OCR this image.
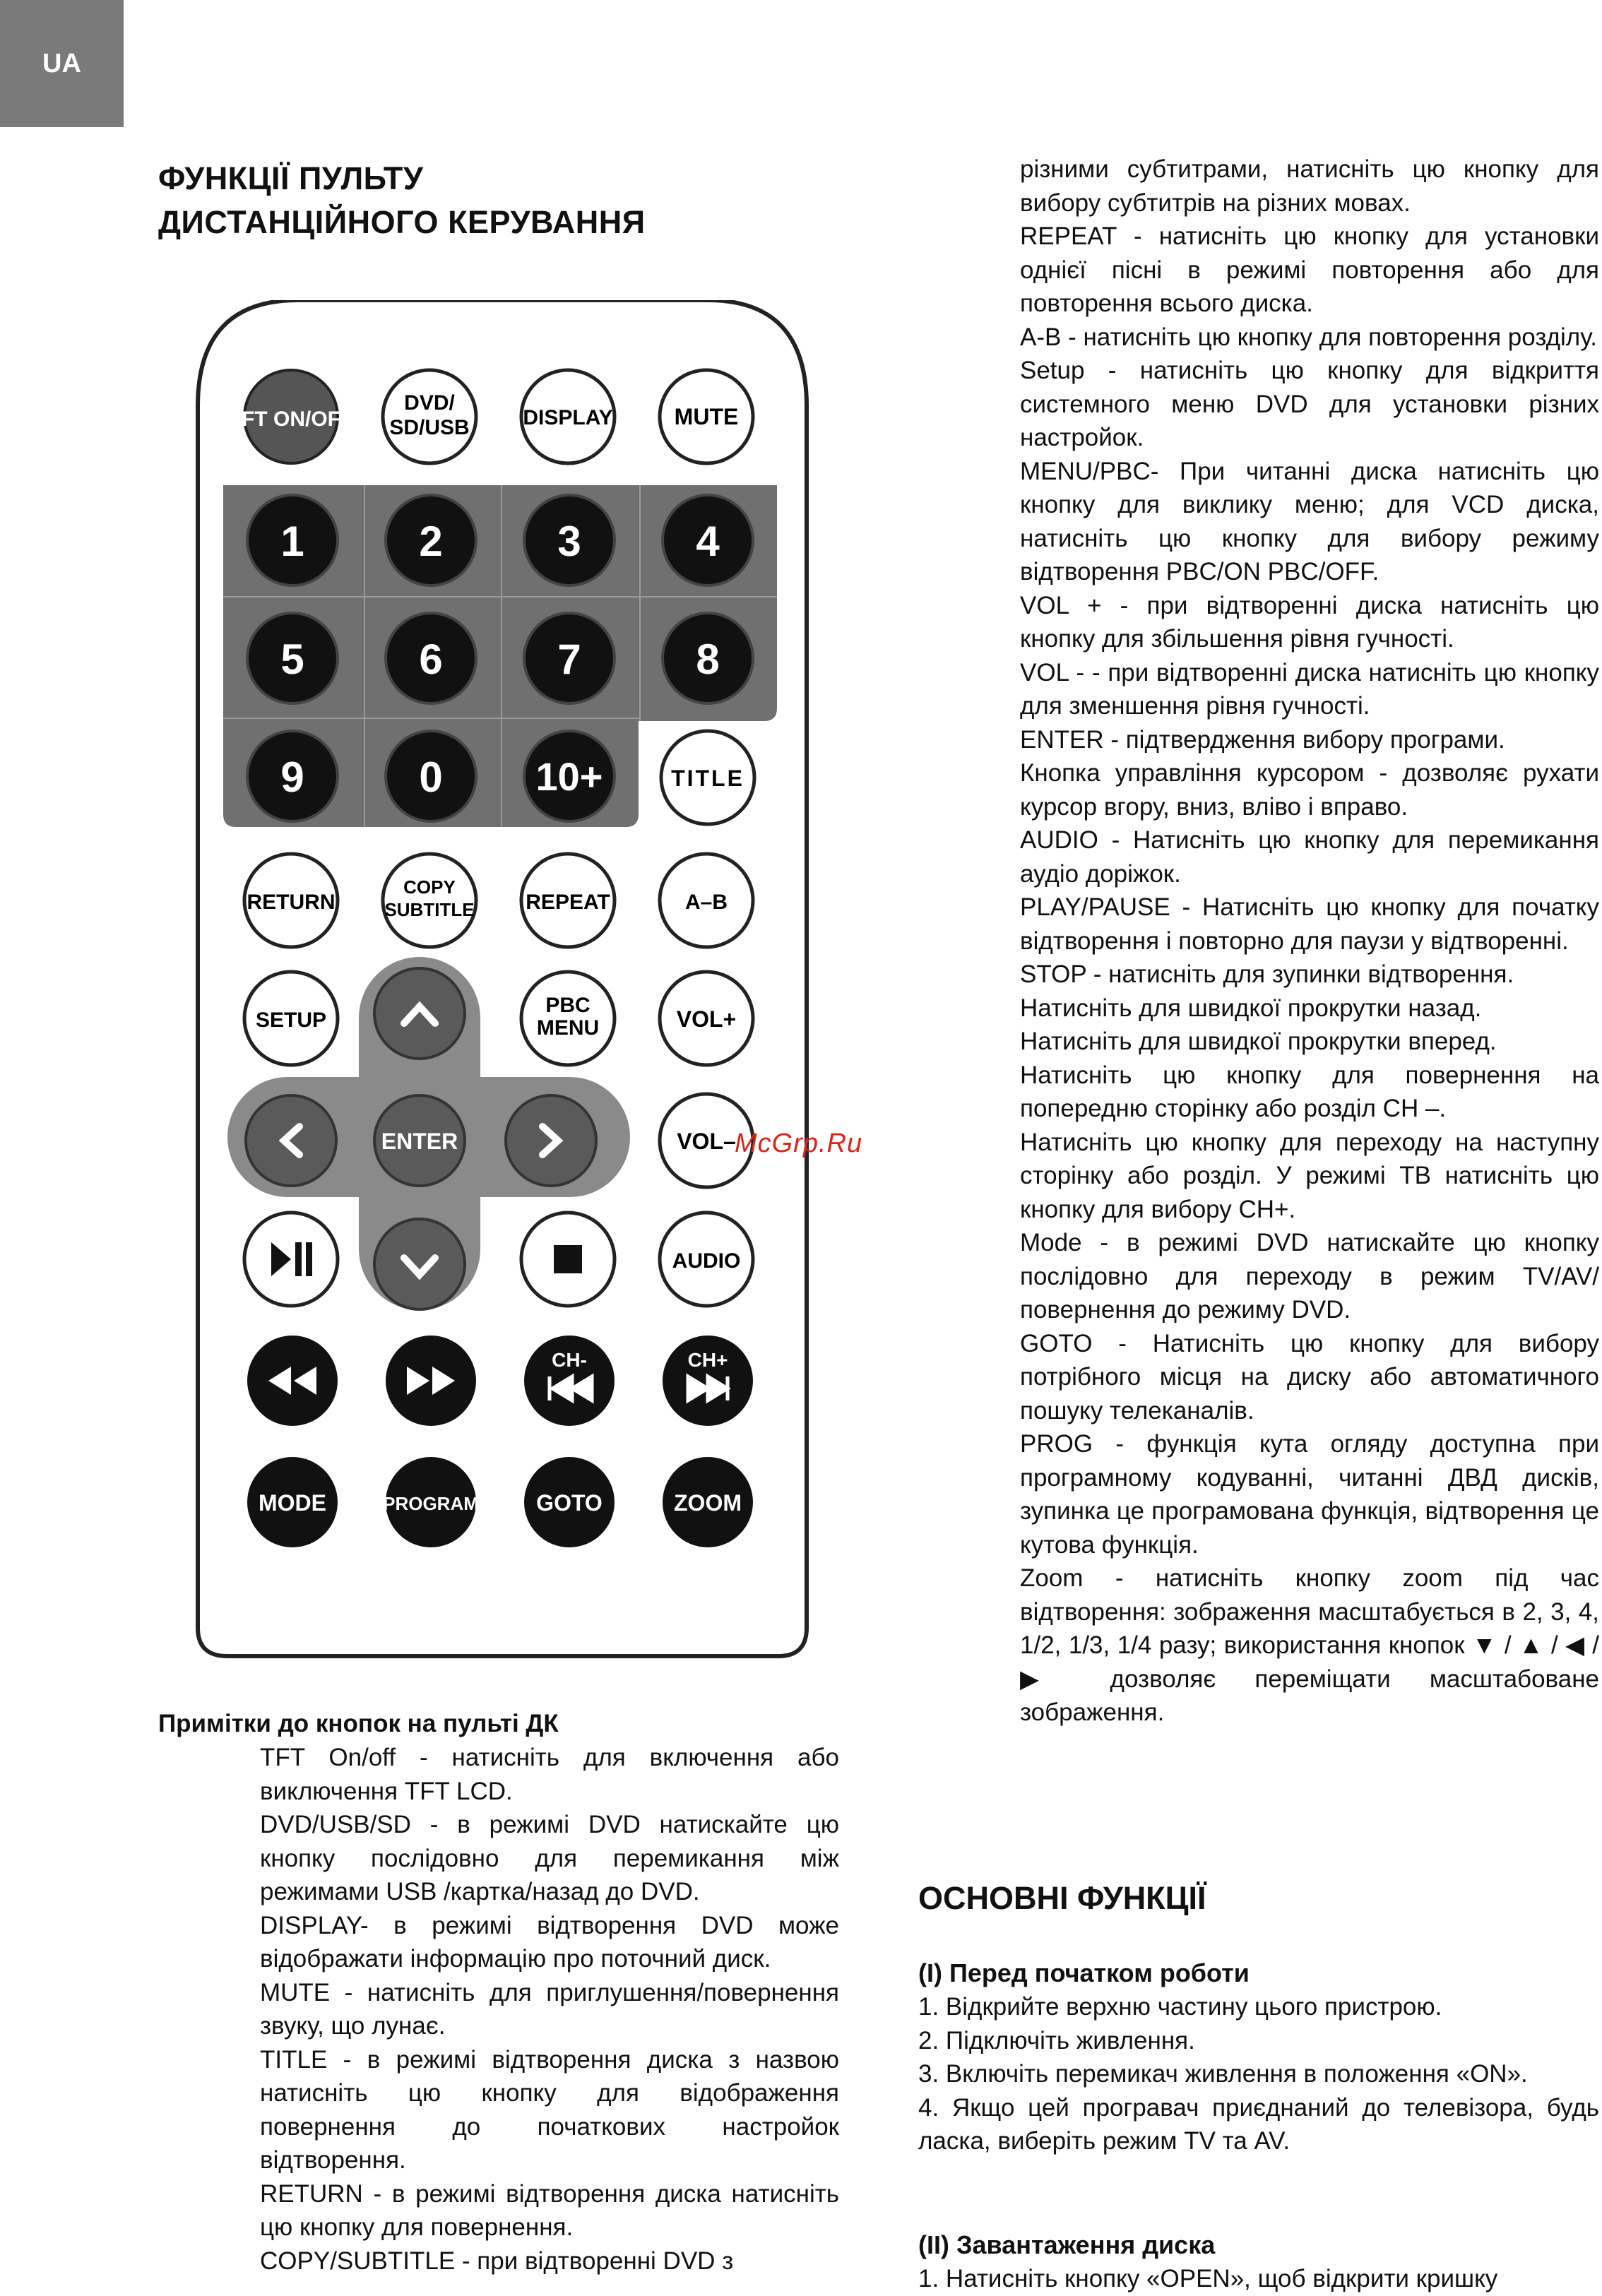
UA
ФУНКЦІЇ ПУЛЬТУ
ДИСТАНЦІЙНОГО КЕРУВАННЯ
TFT ON/OFF
DVD/
SD/USB	DISPLAY	MUTE
1	2	3	4
5	6	7	8
9	0 10+	TITLE
RETURN
COPY
SUBTITLE REPEAT	A–B
SETUP
PBC
MENU	VOL+
ENTER	VOL–
AUDIO
CH-	CH+
MODE	PROGRAM	GOTO	ZOOM
McGrp.Ru
Примітки до кнопок на пульті ДК

TFT On/off - натисніть для включення або виключення TFT LCD.

DVD/USB/SD - в режимі DVD натискайте цю кнопку послідовно для перемикання між режимами USB /картка/назад до DVD.

DISPLAY- в режимі відтворення DVD може відображати інформацію про поточний диск.

MUTE - натисніть для приглушення/повернення звуку, що лунає.

TITLE - в режимі відтворення диска з назвою натисніть цю кнопку для відображення повернення до початкових настройок відтворення.

RETURN - в режимі відтворення диска натисніть цю кнопку для повернення.

COPY/SUBTITLE - при відтворенні DVD з

різними субтитрами, натисніть цю кнопку для вибору субтитрів на різних мовах.

REPEAT - натисніть цю кнопку для установки однієї пісні в режимі повторення або для повторення всього диска.

A-B - натисніть цю кнопку для повторення розділу.

Setup - натисніть цю кнопку для відкриття системного меню DVD для установки різних настройок.

MENU/PBC- При читанні диска натисніть цю кнопку для виклику меню; для VCD диска, натисніть цю кнопку для вибору режиму відтворення PBC/ON PBC/OFF.

VOL + - при відтворенні диска натисніть цю кнопку для збільшення рівня гучності.

VOL - - при відтворенні диска натисніть цю кнопку для зменшення рівня гучності.

ENTER - підтвердження вибору програми.

Кнопка управління курсором - дозволяє рухати курсор вгору, вниз, вліво і вправо.

AUDIO - Натисніть цю кнопку для перемикання аудіо доріжок.

PLAY/PAUSE - Натисніть цю кнопку для початку відтворення і повторно для паузи у відтворенні.

STOP - натисніть для зупинки відтворення.

Натисніть для швидкої прокрутки назад.

Натисніть для швидкої прокрутки вперед.

Натисніть цю кнопку для повернення на попередню сторінку або розділ CH –.

Натисніть цю кнопку для переходу на наступну сторінку або розділ. У режимі ТВ натисніть цю кнопку для вибору CH+.

Mode - в режимі DVD натискайте цю кнопку послідовно для переходу в режим TV/AV/повернення до режиму DVD.

GOTO - Натисніть цю кнопку для вибору потрібного місця на диску або автоматичного пошуку телеканалів.

PROG - функція кута огляду доступна при програмному кодуванні, читанні ДВД дисків, зупинка це програмована функція, відтворення це кутова функція.

Zoom - натисніть кнопку zoom під час відтворення: зображення масштабується в 2, 3, 4, 1/2, 1/3, 1/4 разу; використання кнопок ▼ / ▲ / ◀ / ▶ дозволяє переміщати масштабоване зображення.

ОСНОВНІ ФУНКЦІЇ

(I) Перед початком роботи

1. Відкрийте верхню частину цього пристрою.

2. Підключіть живлення.

3. Включіть перемикач живлення в положення «ON».

4. Якщо цей програвач приєднаний до телевізора, будь ласка, виберіть режим TV та AV.

(II) Завантаження диска

1. Натисніть кнопку «OPEN», щоб відкрити кришку
